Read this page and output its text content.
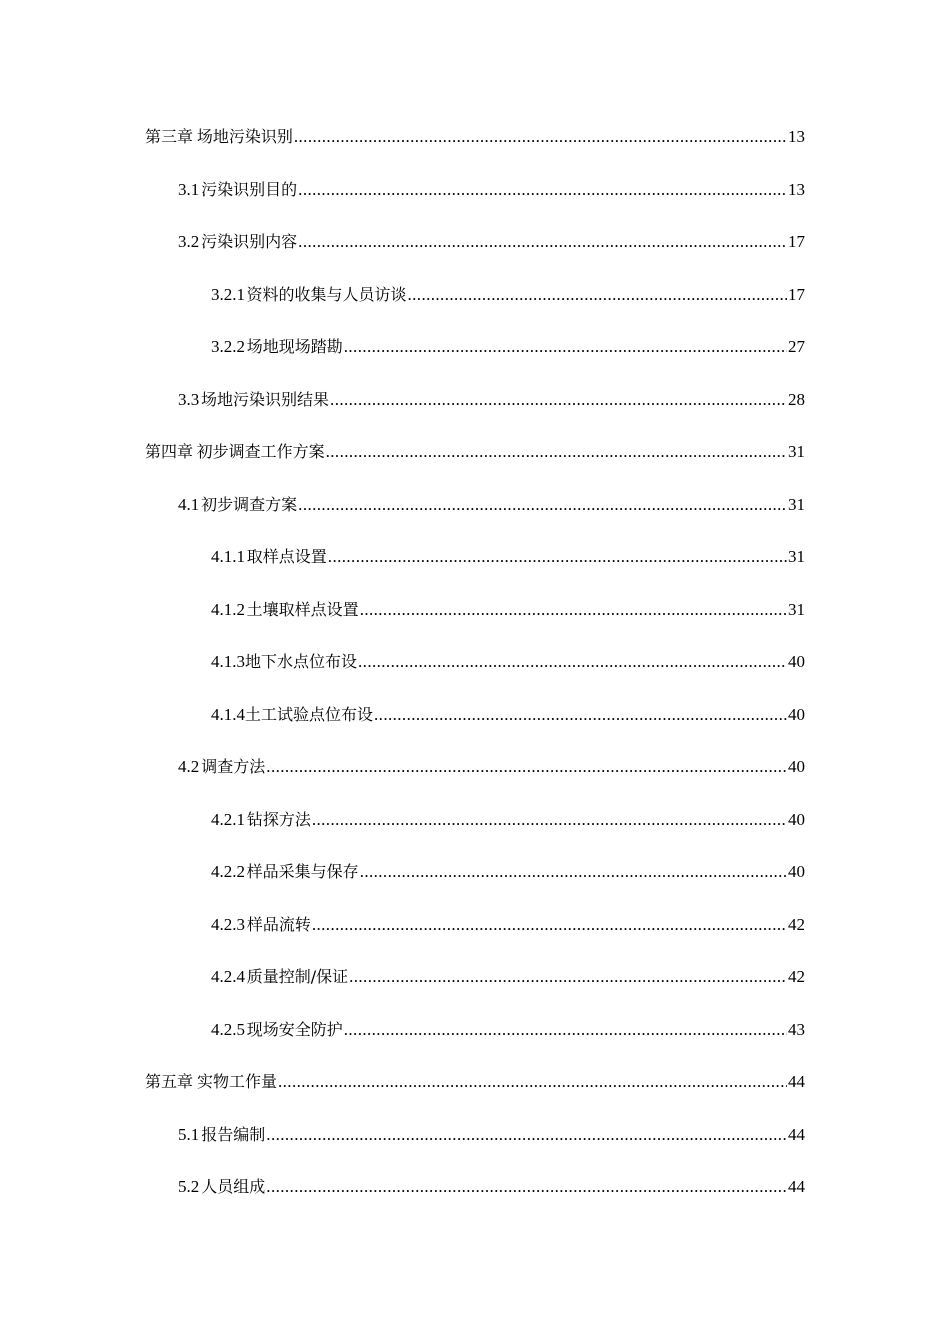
第三章 场地污染识别 .....	13
3.1 污染识别目的 .....	13
3.2 污染识别内容 .....	17
3.2.1 资料的收集与人员访谈 .....	17
3.2.2 场地现场踏勘 .....	27
3.3 场地污染识别结果 .....	28
第四章 初步调查工作方案 .....	31
4.1 初步调查方案 .....	31
4.1.1 取样点设置 .....	31
4.1.2 土壤取样点设置 .....	31
4.1.3 地下水点位布设 .....	40
4.1.4 土工试验点位布设 .....	40
4.2 调查方法 .....	40
4.2.1 钻探方法 .....	40
4.2.2 样品采集与保存 .....	40
4.2.3 样品流转 .....	42
4.2.4 质量控制/保证 .....	42
4.2.5 现场安全防护 .....	43
第五章 实物工作量 .....	44
5.1 报告编制 .....	44
5.2 人员组成 .....	44
